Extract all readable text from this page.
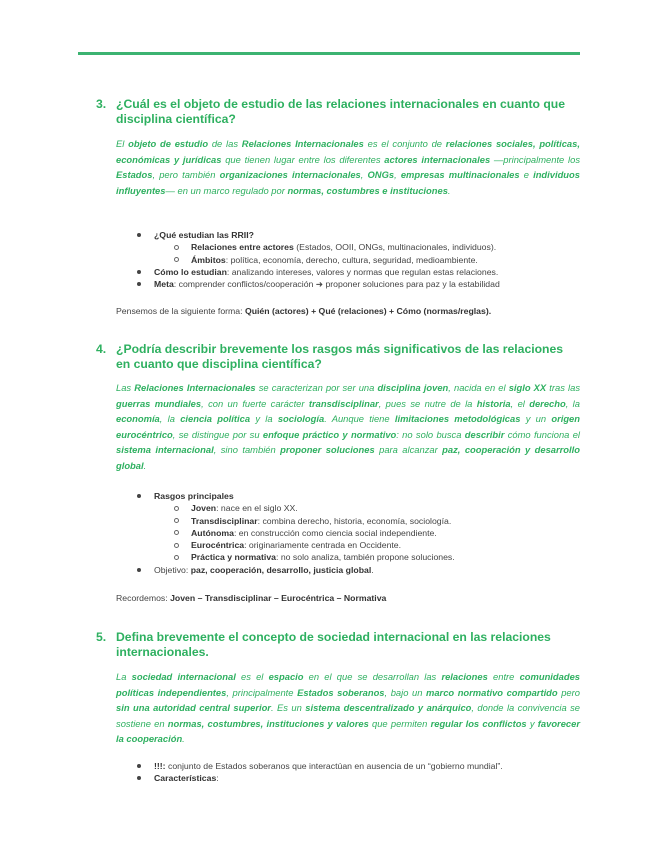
3. ¿Cuál es el objeto de estudio de las relaciones internacionales en cuanto que disciplina científica?
El objeto de estudio de las Relaciones Internacionales es el conjunto de relaciones sociales, políticas, económicas y jurídicas que tienen lugar entre los diferentes actores internacionales —principalmente los Estados, pero también organizaciones internacionales, ONGs, empresas multinacionales e individuos influyentes— en un marco regulado por normas, costumbres e instituciones.
¿Qué estudian las RRII?
Relaciones entre actores (Estados, OOII, ONGs, multinacionales, individuos).
Ámbitos: política, economía, derecho, cultura, seguridad, medioambiente.
Cómo lo estudian: analizando intereses, valores y normas que regulan estas relaciones.
Meta: comprender conflictos/cooperación ➜ proponer soluciones para paz y la estabilidad
Pensemos de la siguiente forma: Quién (actores) + Qué (relaciones) + Cómo (normas/reglas).
4. ¿Podría describir brevemente los rasgos más significativos de las relaciones en cuanto que disciplina científica?
Las Relaciones Internacionales se caracterizan por ser una disciplina joven, nacida en el siglo XX tras las guerras mundiales, con un fuerte carácter transdisciplinar, pues se nutre de la historia, el derecho, la economía, la ciencia política y la sociología. Aunque tiene limitaciones metodológicas y un origen eurocéntrico, se distingue por su enfoque práctico y normativo: no solo busca describir cómo funciona el sistema internacional, sino también proponer soluciones para alcanzar paz, cooperación y desarrollo global.
Rasgos principales
Joven: nace en el siglo XX.
Transdisciplinar: combina derecho, historia, economía, sociología.
Autónoma: en construcción como ciencia social independiente.
Eurocéntrica: originariamente centrada en Occidente.
Práctica y normativa: no solo analiza, también propone soluciones.
Objetivo: paz, cooperación, desarrollo, justicia global.
Recordemos: Joven – Transdisciplinar – Eurocéntrica – Normativa
5. Defina brevemente el concepto de sociedad internacional en las relaciones internacionales.
La sociedad internacional es el espacio en el que se desarrollan las relaciones entre comunidades políticas independientes, principalmente Estados soberanos, bajo un marco normativo compartido pero sin una autoridad central superior. Es un sistema descentralizado y anárquico, donde la convivencia se sostiene en normas, costumbres, instituciones y valores que permiten regular los conflictos y favorecer la cooperación.
!!!: conjunto de Estados soberanos que interactúan en ausencia de un “gobierno mundial”.
Características:
